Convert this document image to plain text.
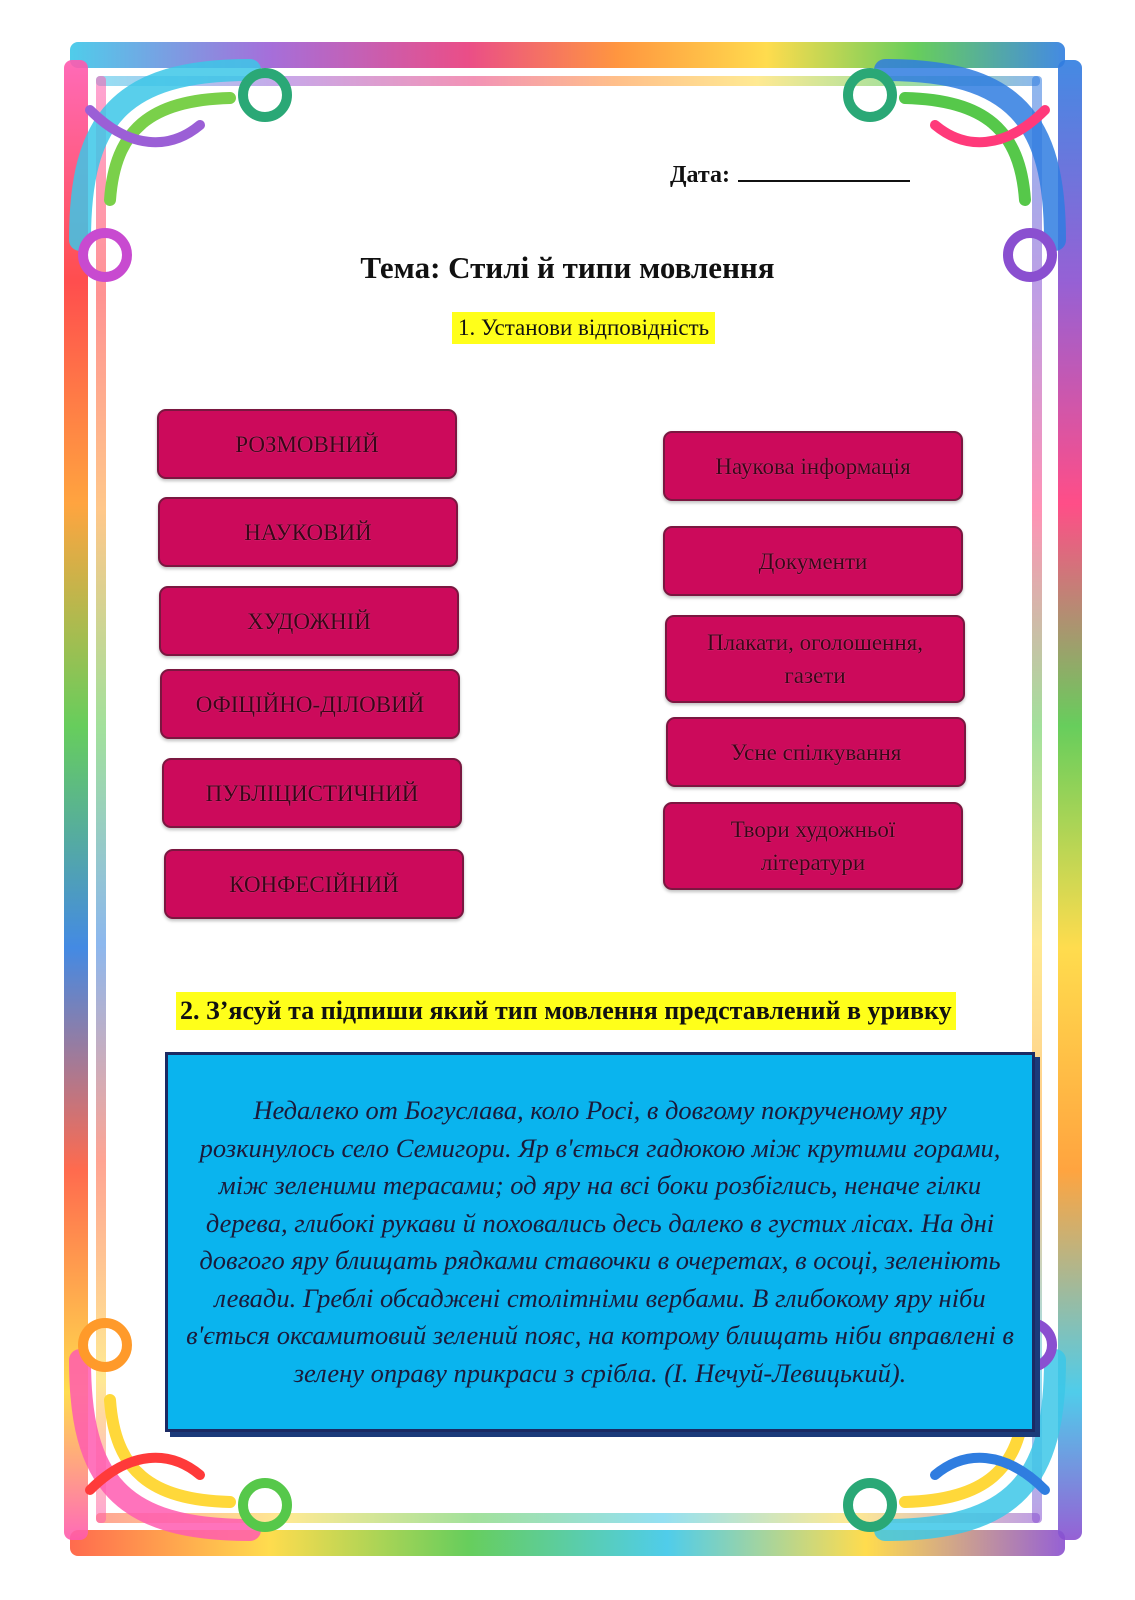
Дата:
Тема: Стилі й типи мовлення
1. Установи відповідність
РОЗМОВНИЙ
НАУКОВИЙ
ХУДОЖНІЙ
ОФІЦІЙНО-ДІЛОВИЙ
ПУБЛІЦИСТИЧНИЙ
КОНФЕСІЙНИЙ
Наукова інформація
Документи
Плакати, оголошення, газети
Усне спілкування
Твори художньої літератури
2. З’ясуй та підпиши який тип мовлення представлений в уривку

Недалеко от Богуслава, коло Росі, в довгому покрученому яру розкинулось село Семигори. Яр в'ється гадюкою між крутими горами, між зеленими терасами; од яру на всі боки розбіглись, неначе гілки дерева, глибокі рукави й поховались десь далеко в густих лісах. На дні довгого яру блищать рядками ставочки в очеретах, в осоці, зеленіють левади. Греблі обсаджені столітніми вербами. В глибокому яру ніби в'ється оксамитовий зелений пояс, на котрому блищать ніби вправлені в зелену оправу прикраси з срібла. (І. Нечуй-Левицький).
